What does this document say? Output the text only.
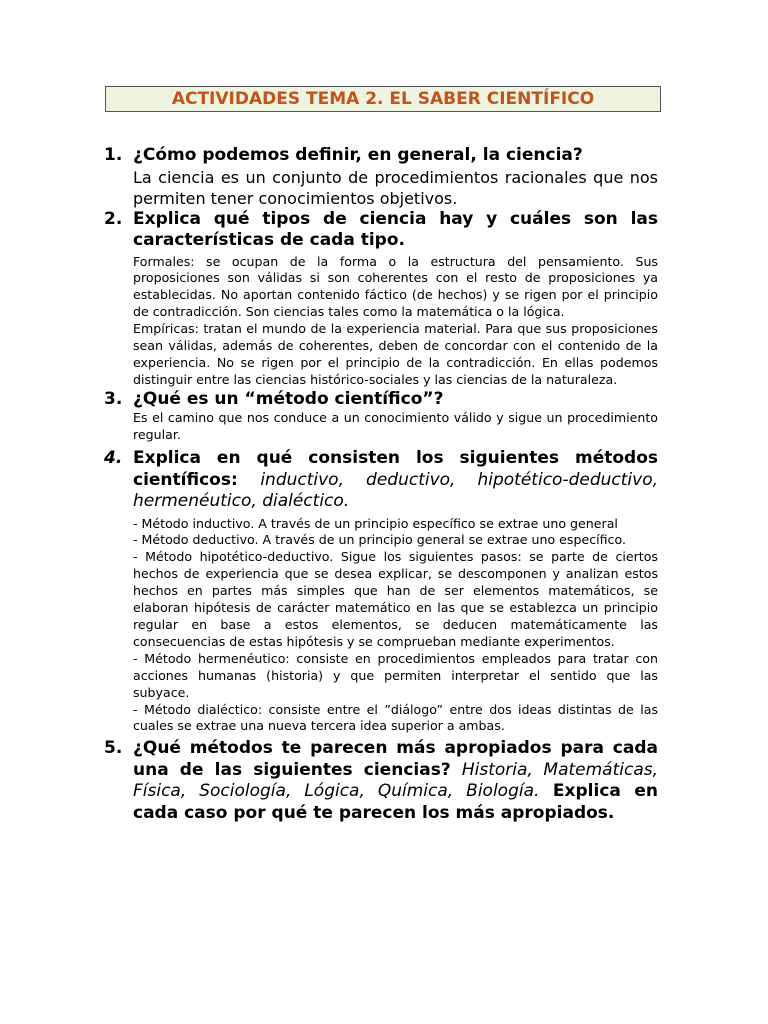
ACTIVIDADES TEMA 2. EL SABER CIENTÍFICO
1. ¿Cómo podemos definir, en general, la ciencia?
La ciencia es un conjunto de procedimientos racionales que nos permiten tener conocimientos objetivos.
2. Explica qué tipos de ciencia hay y cuáles son las características de cada tipo.
Formales: se ocupan de la forma o la estructura del pensamiento. Sus proposiciones son válidas si son coherentes con el resto de proposiciones ya establecidas. No aportan contenido fáctico (de hechos) y se rigen por el principio de contradicción. Son ciencias tales como la matemática o la lógica.
Empíricas: tratan el mundo de la experiencia material. Para que sus proposiciones sean válidas, además de coherentes, deben de concordar con el contenido de la experiencia. No se rigen por el principio de la contradicción. En ellas podemos distinguir entre las ciencias histórico-sociales y las ciencias de la naturaleza.
3. ¿Qué es un “método científico”?
Es el camino que nos conduce a un conocimiento válido y sigue un procedimiento regular.
4. Explica en qué consisten los siguientes métodos científicos: inductivo, deductivo, hipotético-deductivo, hermenéutico, dialéctico.
- Método inductivo. A través de un principio específico se extrae uno general
- Método deductivo. A través de un principio general se extrae uno específico.
- Método hipotético-deductivo. Sigue los siguientes pasos: se parte de ciertos hechos de experiencia que se desea explicar, se descomponen y analizan estos hechos en partes más simples que han de ser elementos matemáticos, se elaboran hipótesis de carácter matemático en las que se establezca un principio regular en base a estos elementos, se deducen matemáticamente las consecuencias de estas hipótesis y se comprueban mediante experimentos.
- Método hermenéutico: consiste en procedimientos empleados para tratar con acciones humanas (historia) y que permiten interpretar el sentido que las subyace.
- Método dialéctico: consiste entre el ”diálogo” entre dos ideas distintas de las cuales se extrae una nueva tercera idea superior a ambas.
5. ¿Qué métodos te parecen más apropiados para cada una de las siguientes ciencias? Historia, Matemáticas, Física, Sociología, Lógica, Química, Biología. Explica en cada caso por qué te parecen los más apropiados.
